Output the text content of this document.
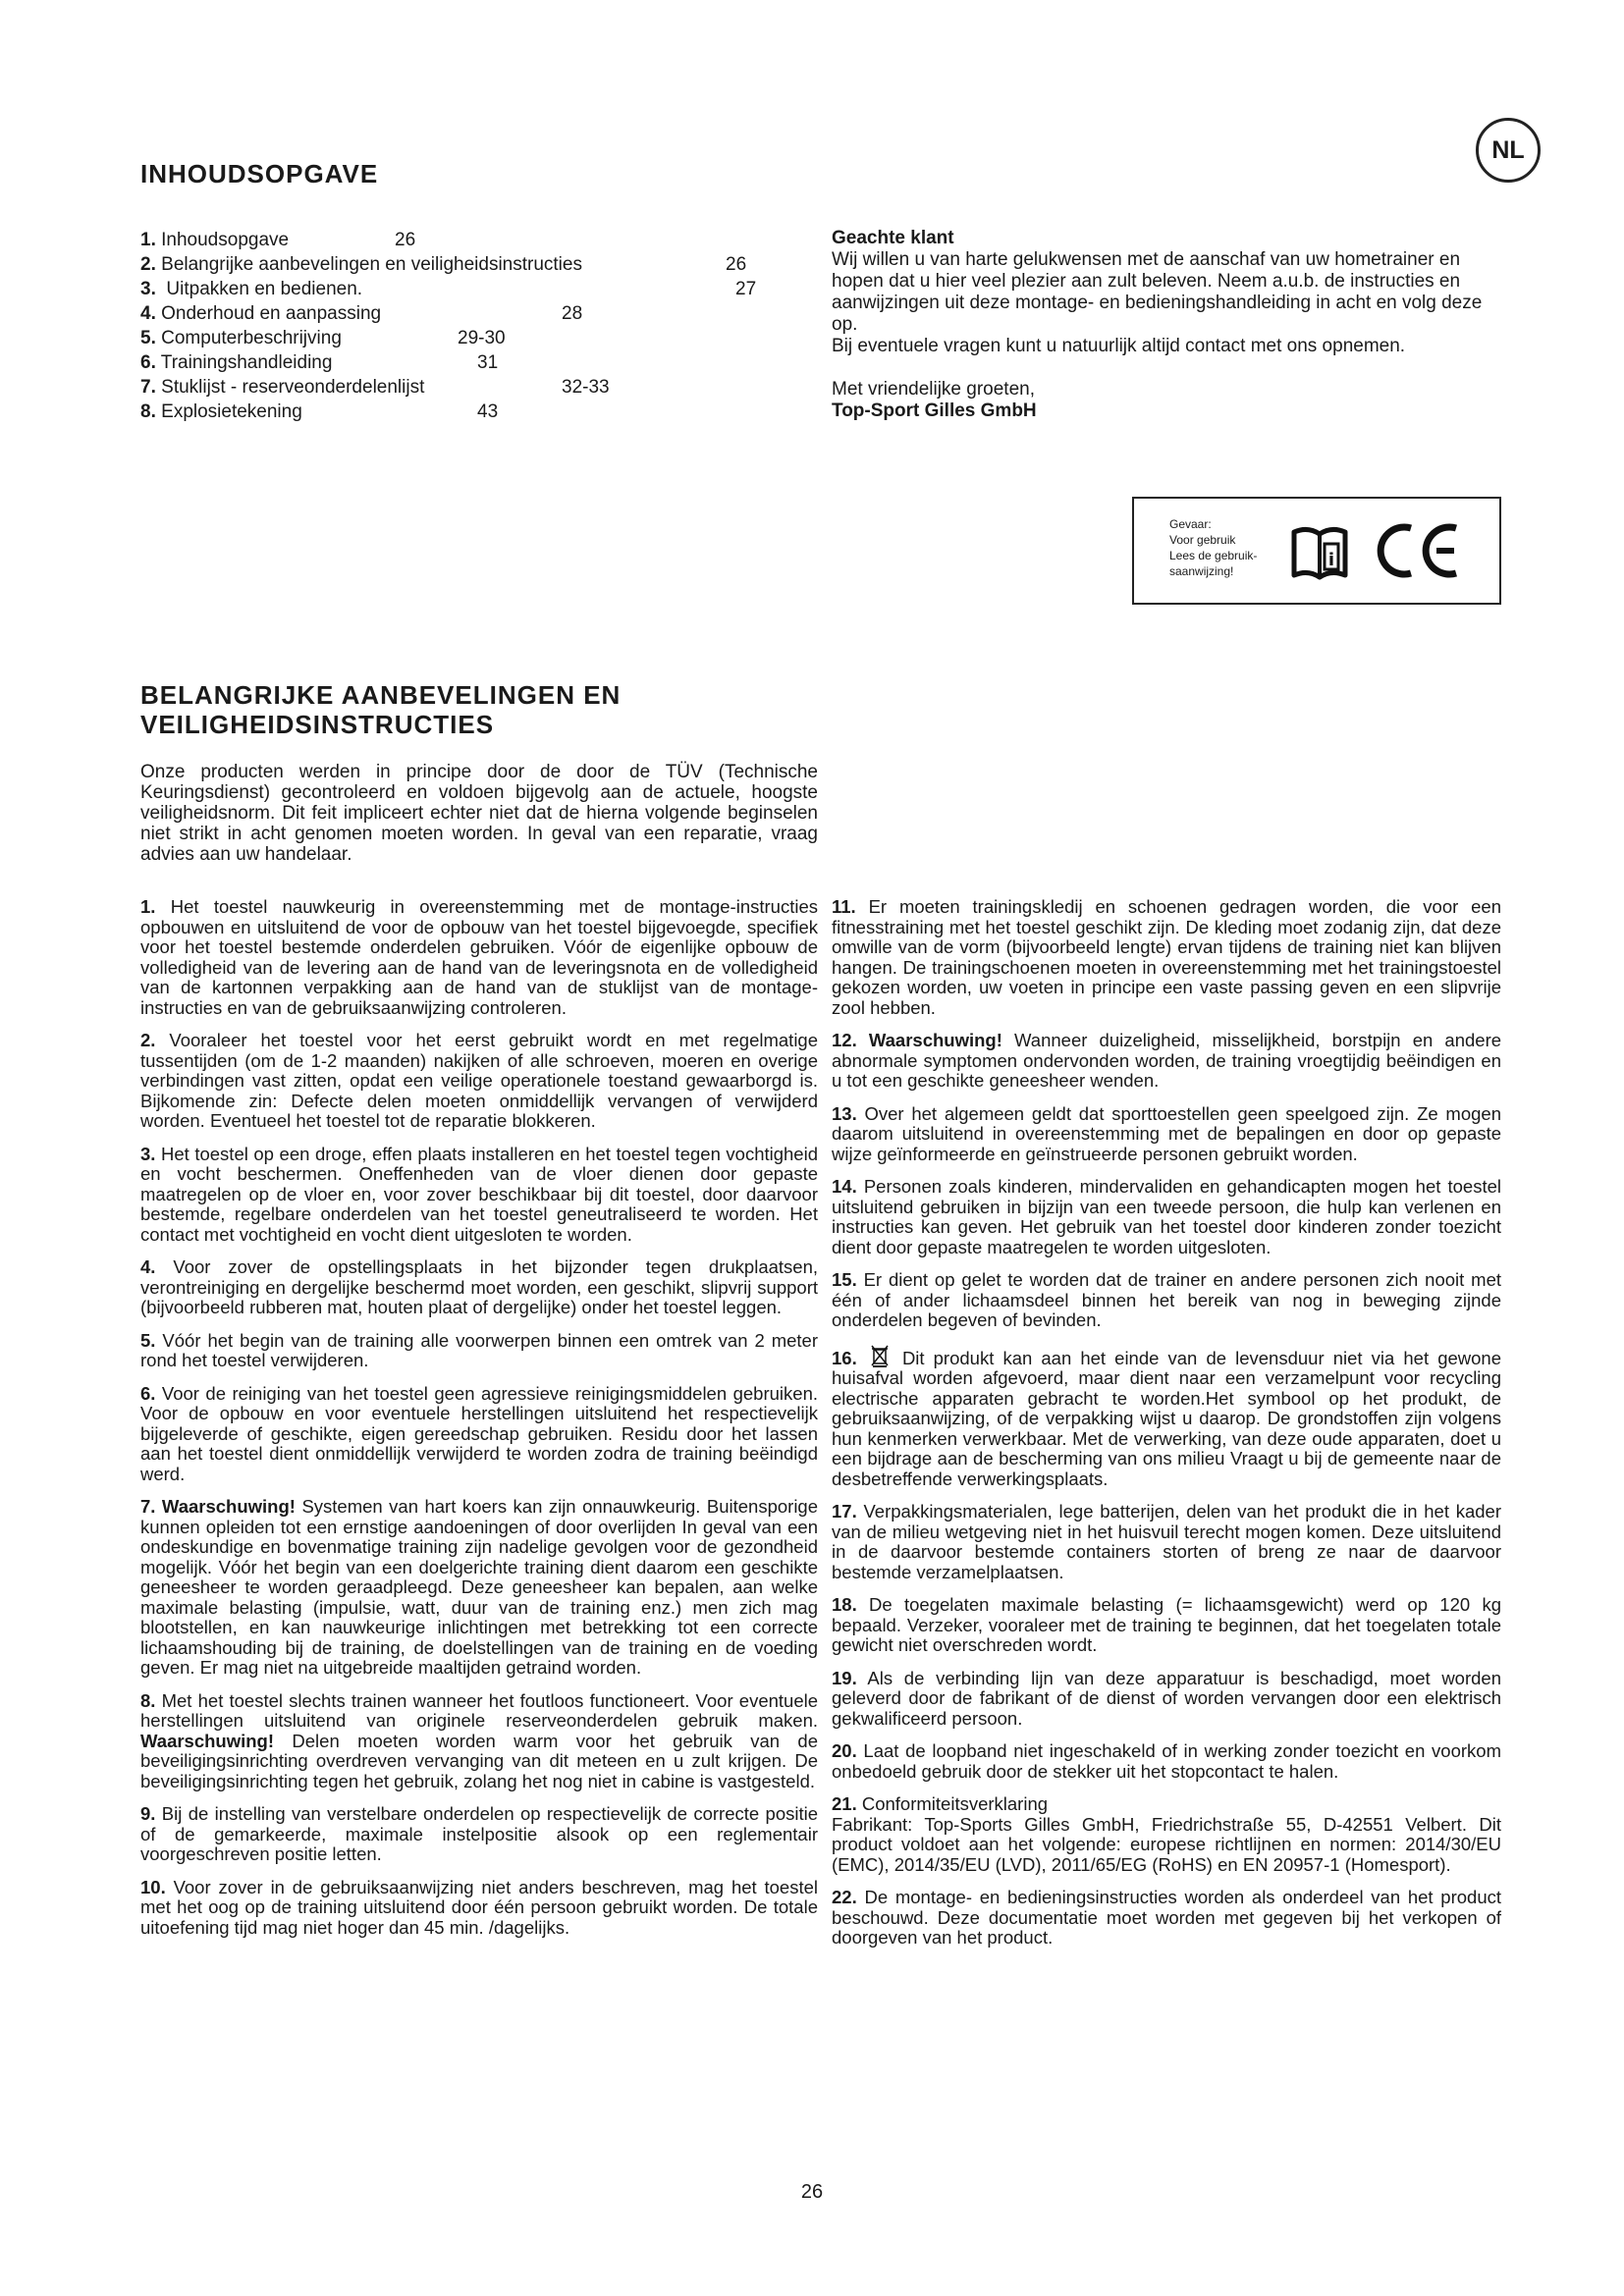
NL
INHOUDSOPGAVE
1. Inhoudsopgave	26
2. Belangrijke aanbevelingen en veiligheidsinstructies	26
3. Uitpakken en bedienen.	27
4. Onderhoud en aanpassing	28
5. Computerbeschrijving	29-30
6. Trainingshandleiding	31
7. Stuklijst - reserveonderdelenlijst	32-33
8. Explosietekening	43

Geachte klant

Wij willen u van harte gelukwensen met de aanschaf van uw hometrainer en hopen dat u hier veel plezier aan zult beleven. Neem a.u.b. de instructies en aanwijzingen uit deze montage- en bedieningshandleiding in acht en volg deze op.

Bij eventuele vragen kunt u natuurlijk altijd contact met ons opnemen.

Met vriendelijke groeten,

Top-Sport Gilles GmbH

Gevaar:
Voor gebruik
Lees de gebruik-
saanwijzing!
i
BELANGRIJKE AANBEVELINGEN EN
VEILIGHEIDSINSTRUCTIES
Onze producten werden in principe door de door de TÜV (Technische Keuringsdienst) gecontroleerd en voldoen bijgevolg aan de actuele, hoogste veiligheidsnorm. Dit feit impliceert echter niet dat de hierna volgende beginselen niet strikt in acht genomen moeten worden. In geval van een reparatie, vraag advies aan uw handelaar.

1. Het toestel nauwkeurig in overeenstemming met de montage-instructies opbouwen en uitsluitend de voor de opbouw van het toestel bijgevoegde, specifiek voor het toestel bestemde onderdelen gebruiken. Vóór de eigenlijke opbouw de volledigheid van de levering aan de hand van de leveringsnota en de volledigheid van de kartonnen verpakking aan de hand van de stuklijst van de montage-instructies en van de gebruiksaanwijzing controleren.

2. Vooraleer het toestel voor het eerst gebruikt wordt en met regelmatige tussentijden (om de 1-2 maanden) nakijken of alle schroeven, moeren en overige verbindingen vast zitten, opdat een veilige operationele toestand gewaarborgd is. Bijkomende zin: Defecte delen moeten onmiddellijk vervangen of verwijderd worden. Eventueel het toestel tot de reparatie blokkeren.

3. Het toestel op een droge, effen plaats installeren en het toestel tegen vochtigheid en vocht beschermen. Oneffenheden van de vloer dienen door gepaste maatregelen op de vloer en, voor zover beschikbaar bij dit toestel, door daarvoor bestemde, regelbare onderdelen van het toestel geneutraliseerd te worden. Het contact met vochtigheid en vocht dient uitgesloten te worden.

4. Voor zover de opstellingsplaats in het bijzonder tegen drukplaatsen, verontreiniging en dergelijke beschermd moet worden, een geschikt, slipvrij support (bijvoorbeeld rubberen mat, houten plaat of dergelijke) onder het toestel leggen.

5. Vóór het begin van de training alle voorwerpen binnen een omtrek van 2 meter rond het toestel verwijderen.

6. Voor de reiniging van het toestel geen agressieve reinigingsmiddelen gebruiken. Voor de opbouw en voor eventuele herstellingen uitsluitend het respectievelijk bijgeleverde of geschikte, eigen gereedschap gebruiken. Residu door het lassen aan het toestel dient onmiddellijk verwijderd te worden zodra de training beëindigd werd.

7. Waarschuwing! Systemen van hart koers kan zijn onnauwkeurig. Buitensporige kunnen opleiden tot een ernstige aandoeningen of door overlijden In geval van een ondeskundige en bovenmatige training zijn nadelige gevolgen voor de gezondheid mogelijk. Vóór het begin van een doelgerichte training dient daarom een geschikte geneesheer te worden geraadpleegd. Deze geneesheer kan bepalen, aan welke maximale belasting (impulsie, watt, duur van de training enz.) men zich mag blootstellen, en kan nauwkeurige inlichtingen met betrekking tot een correcte lichaamshouding bij de training, de doelstellingen van de training en de voeding geven. Er mag niet na uitgebreide maaltijden getraind worden.

8. Met het toestel slechts trainen wanneer het foutloos functioneert. Voor eventuele herstellingen uitsluitend van originele reserveonderdelen gebruik maken. Waarschuwing! Delen moeten worden warm voor het gebruik van de beveiligingsinrichting overdreven vervanging van dit meteen en u zult krijgen. De beveiligingsinrichting tegen het gebruik, zolang het nog niet in cabine is vastgesteld.

9. Bij de instelling van verstelbare onderdelen op respectievelijk de correcte positie of de gemarkeerde, maximale instelpositie alsook op een reglementair voorgeschreven positie letten.

10. Voor zover in de gebruiksaanwijzing niet anders beschreven, mag het toestel met het oog op de training uitsluitend door één persoon gebruikt worden. De totale uitoefening tijd mag niet hoger dan 45 min. /dagelijks.

11. Er moeten trainingskledij en schoenen gedragen worden, die voor een fitnesstraining met het toestel geschikt zijn. De kleding moet zodanig zijn, dat deze omwille van de vorm (bijvoorbeeld lengte) ervan tijdens de training niet kan blijven hangen. De trainingschoenen moeten in overeenstemming met het trainingstoestel gekozen worden, uw voeten in principe een vaste passing geven en een slipvrije zool hebben.

12. Waarschuwing! Wanneer duizeligheid, misselijkheid, borstpijn en andere abnormale symptomen ondervonden worden, de training vroegtijdig beëindigen en u tot een geschikte geneesheer wenden.

13. Over het algemeen geldt dat sporttoestellen geen speelgoed zijn. Ze mogen daarom uitsluitend in overeenstemming met de bepalingen en door op gepaste wijze geïnformeerde en geïnstrueerde personen gebruikt worden.

14. Personen zoals kinderen, mindervaliden en gehandicapten mogen het toestel uitsluitend gebruiken in bijzijn van een tweede persoon, die hulp kan verlenen en instructies kan geven. Het gebruik van het toestel door kinderen zonder toezicht dient door gepaste maatregelen te worden uitgesloten.

15. Er dient op gelet te worden dat de trainer en andere personen zich nooit met één of ander lichaamsdeel binnen het bereik van nog in beweging zijnde onderdelen begeven of bevinden.

16. Dit produkt kan aan het einde van de levensduur niet via het gewone huisafval worden afgevoerd, maar dient naar een verzamelpunt voor recycling electrische apparaten gebracht te worden.Het symbool op het produkt, de gebruiksaanwijzing, of de verpakking wijst u daarop. De grondstoffen zijn volgens hun kenmerken verwerkbaar. Met de verwerking, van deze oude apparaten, doet u een bijdrage aan de bescherming van ons milieu Vraagt u bij de gemeente naar de desbetreffende verwerkingsplaats.

17. Verpakkingsmaterialen, lege batterijen, delen van het produkt die in het kader van de milieu wetgeving niet in het huisvuil terecht mogen komen. Deze uitsluitend in de daarvoor bestemde containers storten of breng ze naar de daarvoor bestemde verzamelplaatsen.

18. De toegelaten maximale belasting (= lichaamsgewicht) werd op 120 kg bepaald. Verzeker, vooraleer met de training te beginnen, dat het toegelaten totale gewicht niet overschreden wordt.

19. Als de verbinding lijn van deze apparatuur is beschadigd, moet worden geleverd door de fabrikant of de dienst of worden vervangen door een elektrisch gekwalificeerd persoon.

20. Laat de loopband niet ingeschakeld of in werking zonder toezicht en voorkom onbedoeld gebruik door de stekker uit het stopcontact te halen.

21. Conformiteitsverklaring
Fabrikant: Top-Sports Gilles GmbH, Friedrichstraße 55, D-42551 Velbert. Dit product voldoet aan het volgende: europese richtlijnen en normen: 2014/30/EU (EMC), 2014/35/EU (LVD), 2011/65/EG (RoHS) en EN 20957-1 (Homesport).

22. De montage- en bedieningsinstructies worden als onderdeel van het product beschouwd. Deze documentatie moet worden met gegeven bij het verkopen of doorgeven van het product.

26
